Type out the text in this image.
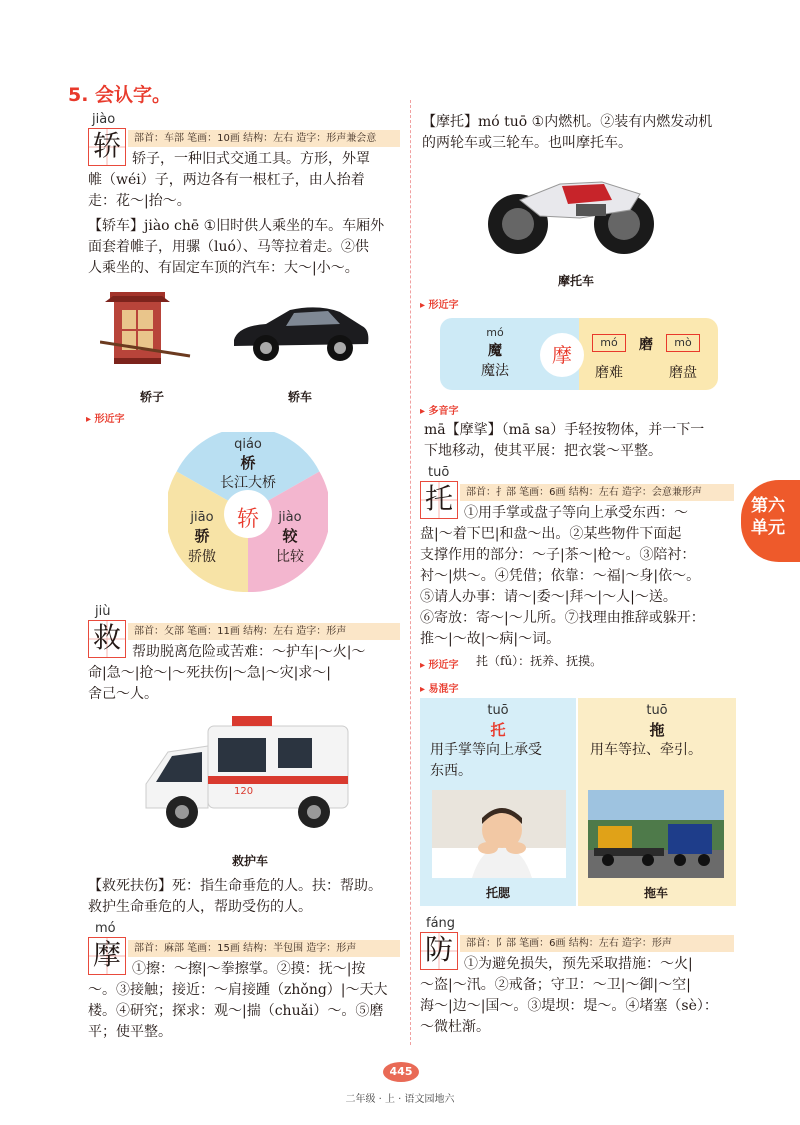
5. 会认字。
jiào
轿	部首：车部 笔画：10画 结构：左右 造字：形声兼会意
轿子，一种旧式交通工具。方形，外罩
帷（wéi）子，两边各有一根杠子，由人抬着
走：花～|抬～。
【轿车】jiào chē ①旧时供人乘坐的车。车厢外
面套着帷子，用骡（luó）、马等拉着走。②供
人乘坐的、有固定车顶的汽车：大～|小～。
轿子	轿车
▸ 形近字
轿
qiáo
桥
长江大桥
jiāo
骄
骄傲
jiào
较
比较
jiù
救	部首：攵部 笔画：11画 结构：左右 造字：形声
帮助脱离危险或苦难：～护车|～火|～
命|急～|抢～|～死扶伤|～急|～灾|求～|
舍己～人。
120
救护车
【救死扶伤】死：指生命垂危的人。扶：帮助。
救护生命垂危的人，帮助受伤的人。
mó
摩	部首：麻部 笔画：15画 结构：半包围 造字：形声
①擦：～擦|～拳擦掌。②摸：抚～|按
～。③接触；接近：～肩接踵（zhǒng）|～天大
楼。④研究；探求：观～|揣（chuǎi）～。⑤磨
平；使平整。
【摩托】mó tuō ①内燃机。②装有内燃发动机
的两轮车或三轮车。也叫摩托车。
摩托车
▸ 形近字
摩
mó
魔
魔法
mó	磨	mò
磨难	磨盘
▸ 多音字
mā【摩挲】（mā sa）手轻按物体，并一下一
下地移动，使其平展：把衣裳～平整。
tuō
托	部首：扌部 笔画：6画 结构：左右 造字：会意兼形声
①用手掌或盘子等向上承受东西：～
盘|～着下巴|和盘～出。②某些物件下面起
支撑作用的部分：～子|茶～|枪～。③陪衬：
衬～|烘～。④凭借；依靠：～福|～身|依～。
⑤请人办事：请～|委～|拜～|～人|～送。
⑥寄放：寄～|～儿所。⑦找理由推辞或躲开：
推～|～故|～病|～词。
▸ 形近字 扥（fǔ）：抚养、抚摸。
▸ 易混字
tuō
托
用手掌等向上承受
东西。
tuō
拖
用车等拉、牵引。
托腮	拖车
fáng
防	部首：阝部 笔画：6画 结构：左右 造字：形声
①为避免损失，预先采取措施：～火|
～盗|～汛。②戒备；守卫：～卫|～御|～空|
海～|边～|国～。③堤坝：堤～。④堵塞（sè）：
～微杜渐。
第六
单元
445
二年级 · 上 · 语文园地六
